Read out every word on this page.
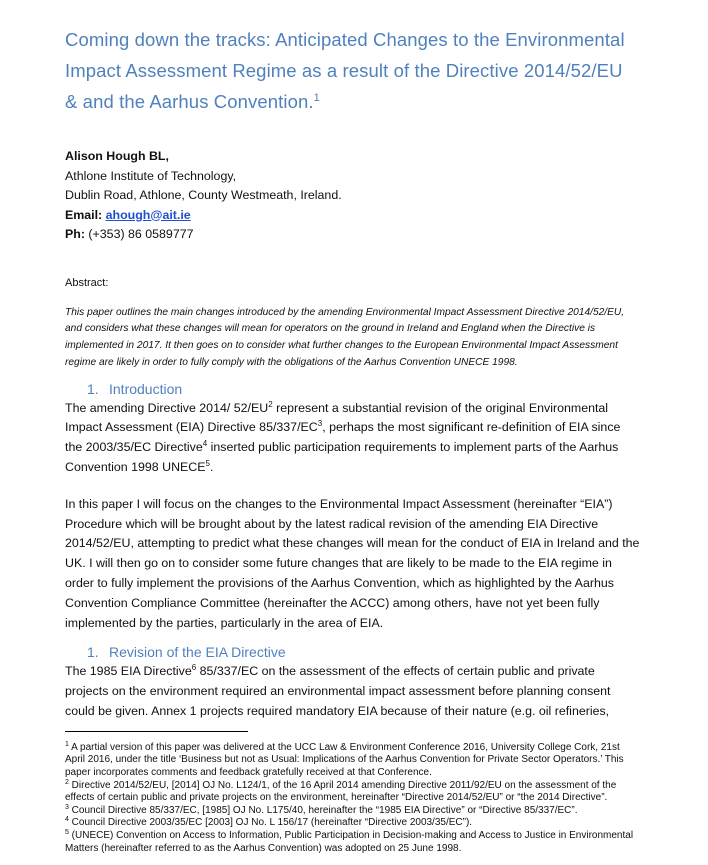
Coming down the tracks: Anticipated Changes to the Environmental Impact Assessment Regime as a result of the Directive 2014/52/EU & and the Aarhus Convention.$^1$
Alison Hough BL,
Athlone Institute of Technology,
Dublin Road, Athlone, County Westmeath, Ireland.
Email: ahough@ait.ie
Ph: (+353) 86 0589777
Abstract:

This paper outlines the main changes introduced by the amending Environmental Impact Assessment Directive 2014/52/EU, and considers what these changes will mean for operators on the ground in Ireland and England when the Directive is implemented in 2017. It then goes on to consider what further changes to the European Environmental Impact Assessment regime are likely in order to fully comply with the obligations of the Aarhus Convention UNECE 1998.

1. Introduction

The amending Directive 2014/ $52/EU^2$ represent a substantial revision of the original Environmental Impact Assessment (EIA) Directive $85/337/EC^3$, perhaps the most significant re-definition of EIA since the 2003/35/EC Directive$^4$ inserted public participation requirements to implement parts of the Aarhus Convention 1998 UNECE$^5$.

In this paper I will focus on the changes to the Environmental Impact Assessment (hereinafter “EIA”) Procedure which will be brought about by the latest radical revision of the amending EIA Directive 2014/52/EU, attempting to predict what these changes will mean for the conduct of EIA in Ireland and the UK. I will then go on to consider some future changes that are likely to be made to the EIA regime in order to fully implement the provisions of the Aarhus Convention, which as highlighted by the Aarhus Convention Compliance Committee (hereinafter the ACCC) among others, have not yet been fully implemented by the parties, particularly in the area of EIA.

1. Revision of the EIA Directive

The 1985 EIA Directive$^6$ 85/337/EC on the assessment of the effects of certain public and private projects on the environment required an environmental impact assessment before planning consent could be given. Annex 1 projects required mandatory EIA because of their nature (e.g. oil refineries,

$^1$ A partial version of this paper was delivered at the UCC Law & Environment Conference 2016, University College Cork, 21st April 2016, under the title ‘Business but not as Usual: Implications of the Aarhus Convention for Private Sector Operators.’ This paper incorporates comments and feedback gratefully received at that Conference.

$^2$ Directive 2014/52/EU, [2014] OJ No. L124/1, of the 16 April 2014 amending Directive 2011/92/EU on the assessment of the effects of certain public and private projects on the environment, hereinafter “Directive 2014/52/EU” or “the 2014 Directive”.

$^3$ Council Directive 85/337/EC, [1985] OJ No. L175/40, hereinafter the “1985 EIA Directive” or “Directive 85/337/EC”.

$^4$ Council Directive 2003/35/EC [2003] OJ No. L 156/17 (hereinafter “Directive 2003/35/EC”).

$^5$ (UNECE) Convention on Access to Information, Public Participation in Decision-making and Access to Justice in Environmental Matters (hereinafter referred to as the Aarhus Convention) was adopted on 25 June 1998.
